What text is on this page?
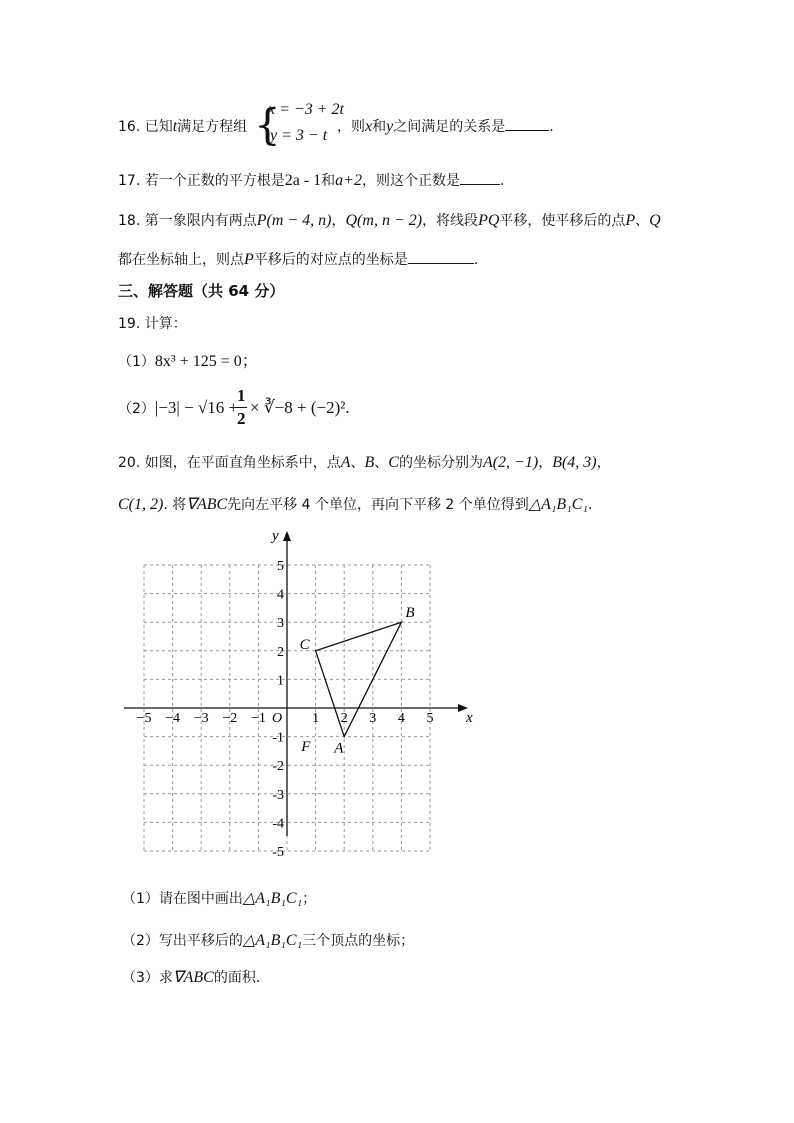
16. 已知t满足方程组 {
x = −3 + 2t
y = 3 − t ，则x和y之间满足的关系是	.
17. 若一个正数的平方根是2a - 1和a+2，则这个正数是	.
18. 第一象限内有两点P(m − 4, n)，Q(m, n − 2)，将线段PQ平移，使平移后的点P、Q
都在坐标轴上，则点P平移后的对应点的坐标是	.
三、解答题（共 64 分）
19. 计算：
（1）8x³ + 125 = 0；
（2）|−3| − √16 +
1
2
× ∛−8 + (−2)².
20. 如图，在平面直角坐标系中，点A、B、C的坐标分别为A(2, −1)，B(4, 3)，
C(1, 2). 将∇ABC先向左平移 4 个单位，再向下平移 2 个单位得到△A₁B₁C₁.
x
y
O
−5 −4 −3 −2 −1	1 2 3 4 5
5
4
3
2
1
-1
-2
-3
-4
-5
A
B
C
F
（1）请在图中画出△A₁B₁C₁；
（2）写出平移后的△A₁B₁C₁三个顶点的坐标；
（3）求∇ABC的面积.
